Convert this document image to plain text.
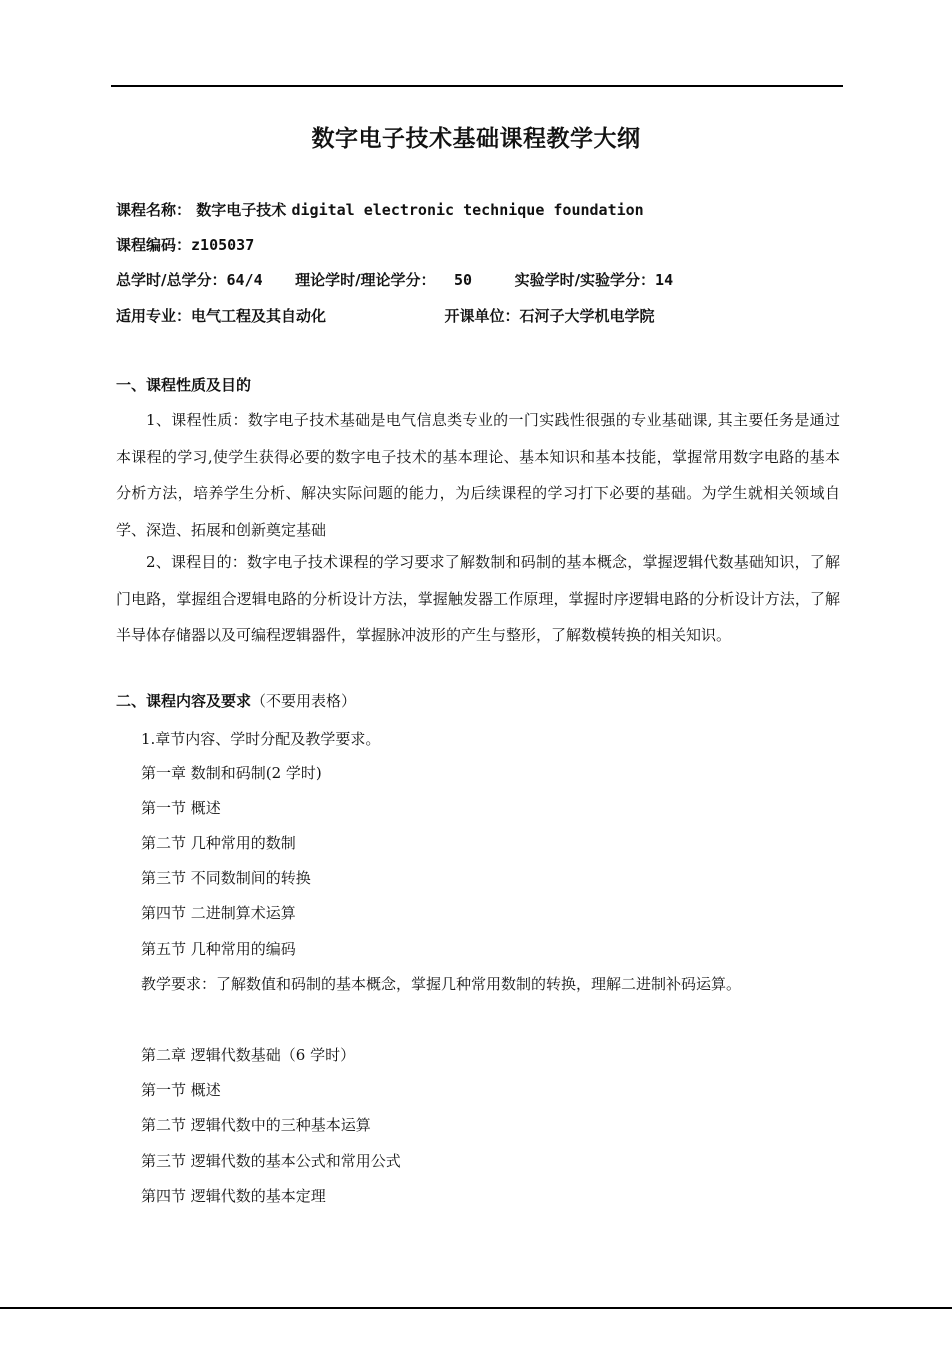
数字电子技术基础课程教学大纲
课程名称： 数字电子技术 digital electronic technique foundation
课程编码：z105037
总学时/总学分：64/4 理论学时/理论学分： 50	实验学时/实验学分：14
适用专业：电气工程及其自动化	开课单位：石河子大学机电学院
一、课程性质及目的
1、课程性质：数字电子技术基础是电气信息类专业的一门实践性很强的专业基础课, 其主要任务是通过本课程的学习,使学生获得必要的数字电子技术的基本理论、基本知识和基本技能，掌握常用数字电路的基本分析方法，培养学生分析、解决实际问题的能力，为后续课程的学习打下必要的基础。为学生就相关领域自学、深造、拓展和创新奠定基础
2、课程目的：数字电子技术课程的学习要求了解数制和码制的基本概念，掌握逻辑代数基础知识，了解门电路，掌握组合逻辑电路的分析设计方法，掌握触发器工作原理，掌握时序逻辑电路的分析设计方法，了解半导体存储器以及可编程逻辑器件，掌握脉冲波形的产生与整形，了解数模转换的相关知识。
二、课程内容及要求（不要用表格）
1.章节内容、学时分配及教学要求。
第一章 数制和码制(2 学时)
第一节 概述
第二节 几种常用的数制
第三节 不同数制间的转换
第四节 二进制算术运算
第五节 几种常用的编码
教学要求：了解数值和码制的基本概念，掌握几种常用数制的转换，理解二进制补码运算。
第二章 逻辑代数基础（6 学时）
第一节 概述
第二节 逻辑代数中的三种基本运算
第三节 逻辑代数的基本公式和常用公式
第四节 逻辑代数的基本定理
